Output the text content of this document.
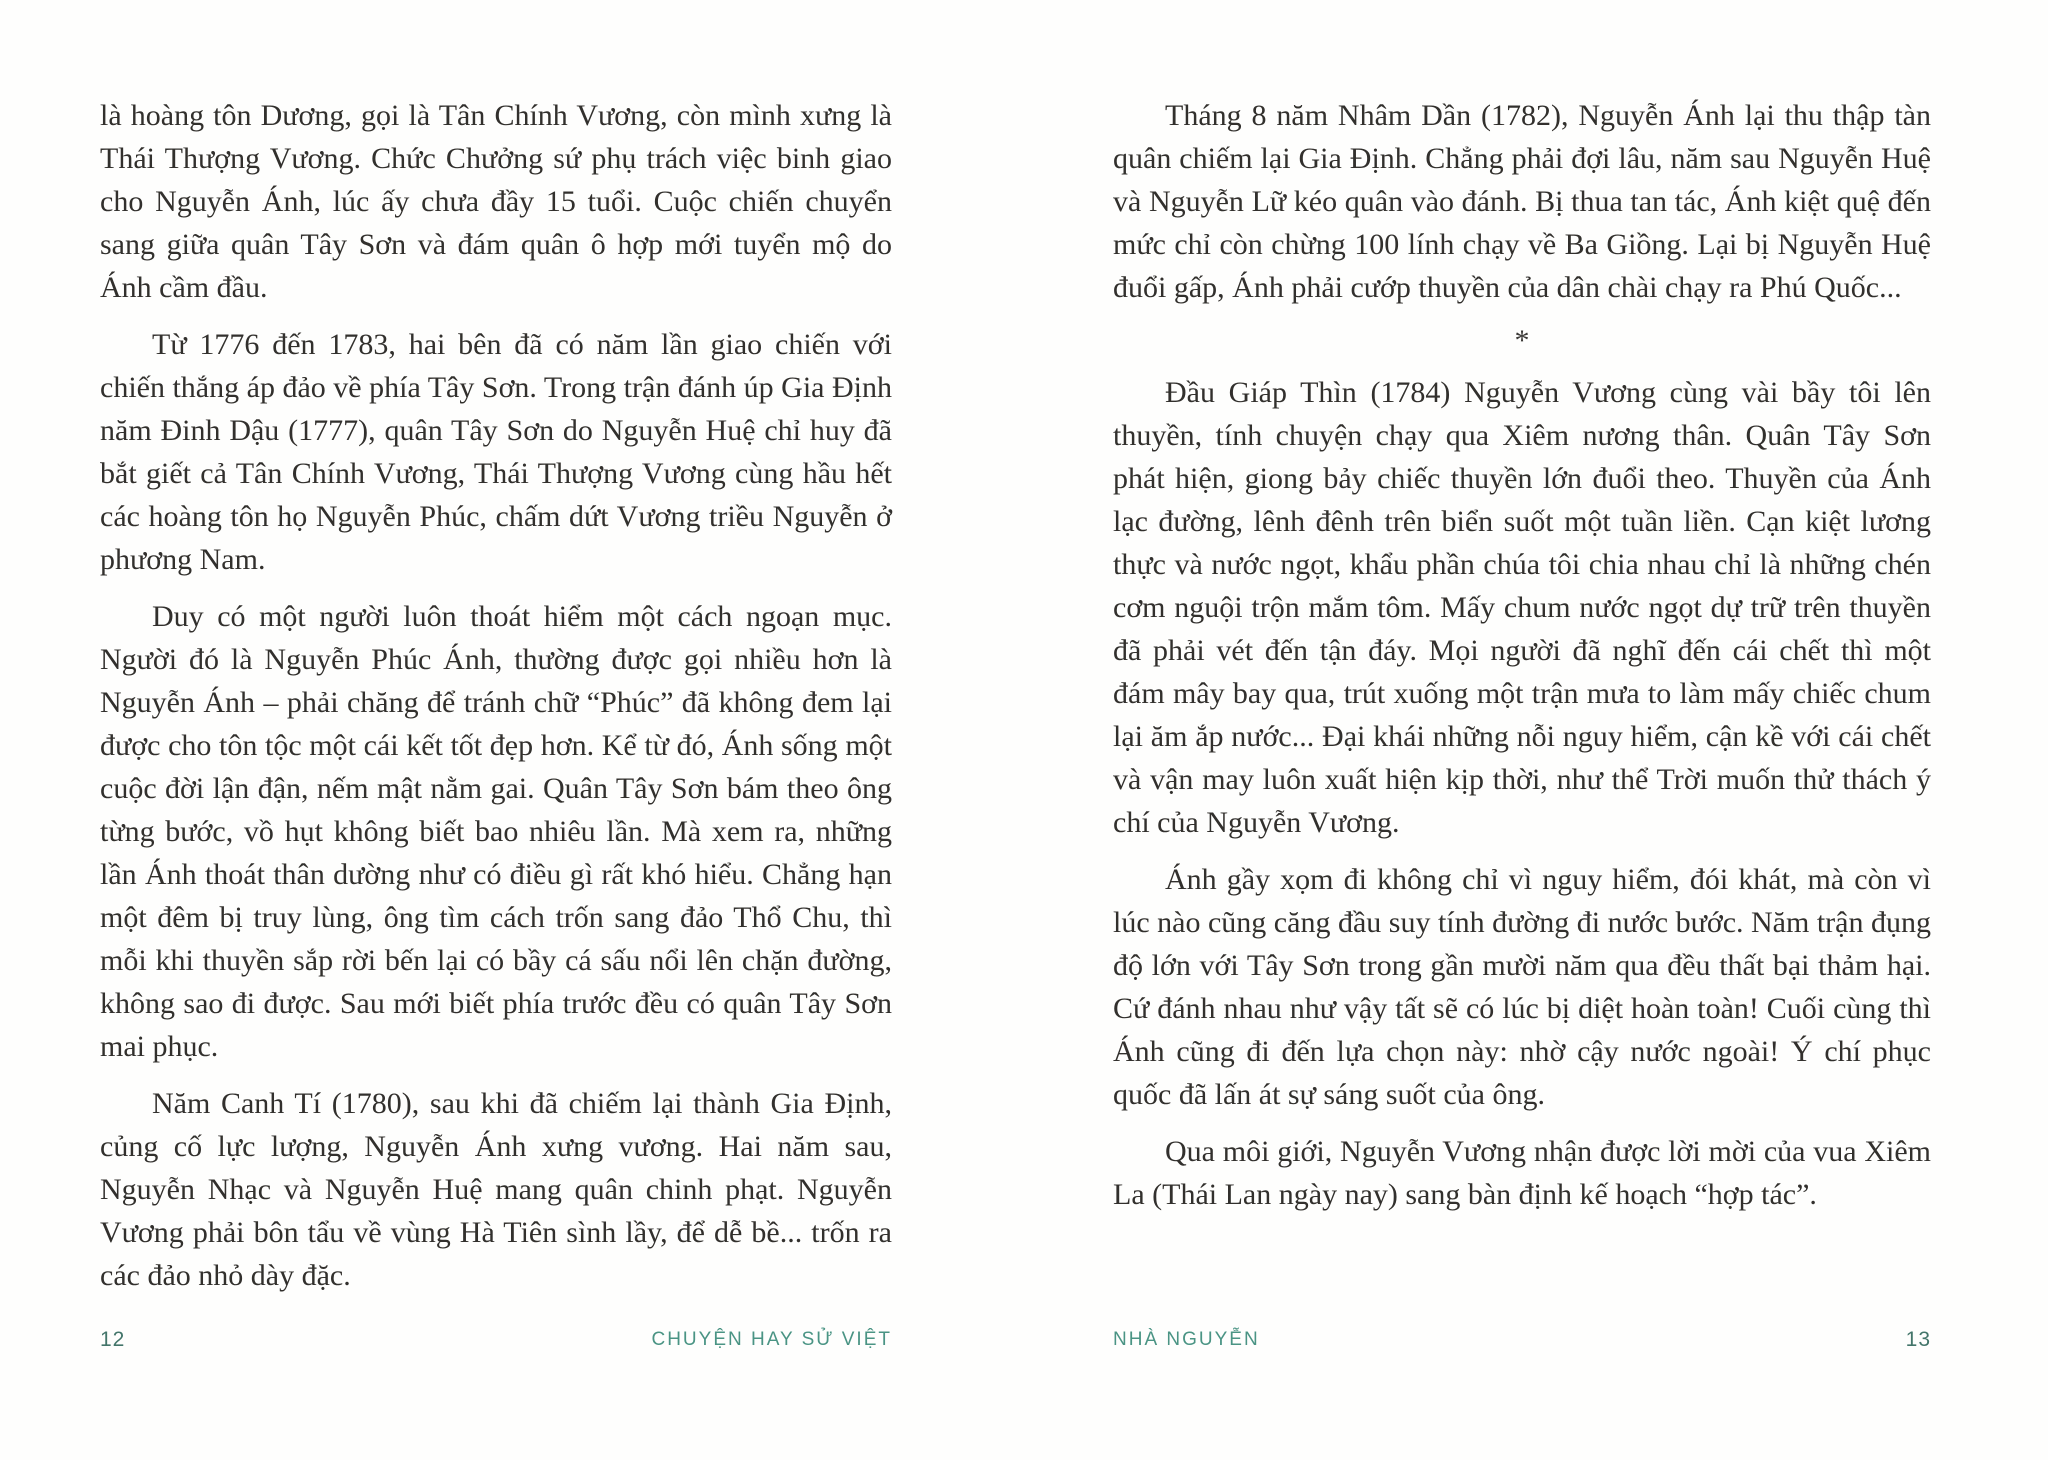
là hoàng tôn Dương, gọi là Tân Chính Vương, còn mình xưng là Thái Thượng Vương. Chức Chưởng sứ phụ trách việc binh giao cho Nguyễn Ánh, lúc ấy chưa đầy 15 tuổi. Cuộc chiến chuyển sang giữa quân Tây Sơn và đám quân ô hợp mới tuyển mộ do Ánh cầm đầu.

Từ 1776 đến 1783, hai bên đã có năm lần giao chiến với chiến thắng áp đảo về phía Tây Sơn. Trong trận đánh úp Gia Định năm Đinh Dậu (1777), quân Tây Sơn do Nguyễn Huệ chỉ huy đã bắt giết cả Tân Chính Vương, Thái Thượng Vương cùng hầu hết các hoàng tôn họ Nguyễn Phúc, chấm dứt Vương triều Nguyễn ở phương Nam.

Duy có một người luôn thoát hiểm một cách ngoạn mục. Người đó là Nguyễn Phúc Ánh, thường được gọi nhiều hơn là Nguyễn Ánh – phải chăng để tránh chữ “Phúc” đã không đem lại được cho tôn tộc một cái kết tốt đẹp hơn. Kể từ đó, Ánh sống một cuộc đời lận đận, nếm mật nằm gai. Quân Tây Sơn bám theo ông từng bước, vồ hụt không biết bao nhiêu lần. Mà xem ra, những lần Ánh thoát thân dường như có điều gì rất khó hiểu. Chẳng hạn một đêm bị truy lùng, ông tìm cách trốn sang đảo Thổ Chu, thì mỗi khi thuyền sắp rời bến lại có bầy cá sấu nổi lên chặn đường, không sao đi được. Sau mới biết phía trước đều có quân Tây Sơn mai phục.

Năm Canh Tí (1780), sau khi đã chiếm lại thành Gia Định, củng cố lực lượng, Nguyễn Ánh xưng vương. Hai năm sau, Nguyễn Nhạc và Nguyễn Huệ mang quân chinh phạt. Nguyễn Vương phải bôn tẩu về vùng Hà Tiên sình lầy, để dễ bề... trốn ra các đảo nhỏ dày đặc.

Tháng 8 năm Nhâm Dần (1782), Nguyễn Ánh lại thu thập tàn quân chiếm lại Gia Định. Chẳng phải đợi lâu, năm sau Nguyễn Huệ và Nguyễn Lữ kéo quân vào đánh. Bị thua tan tác, Ánh kiệt quệ đến mức chỉ còn chừng 100 lính chạy về Ba Giồng. Lại bị Nguyễn Huệ đuổi gấp, Ánh phải cướp thuyền của dân chài chạy ra Phú Quốc...

*

Đầu Giáp Thìn (1784) Nguyễn Vương cùng vài bầy tôi lên thuyền, tính chuyện chạy qua Xiêm nương thân. Quân Tây Sơn phát hiện, giong bảy chiếc thuyền lớn đuổi theo. Thuyền của Ánh lạc đường, lênh đênh trên biển suốt một tuần liền. Cạn kiệt lương thực và nước ngọt, khẩu phần chúa tôi chia nhau chỉ là những chén cơm nguội trộn mắm tôm. Mấy chum nước ngọt dự trữ trên thuyền đã phải vét đến tận đáy. Mọi người đã nghĩ đến cái chết thì một đám mây bay qua, trút xuống một trận mưa to làm mấy chiếc chum lại ăm ắp nước... Đại khái những nỗi nguy hiểm, cận kề với cái chết và vận may luôn xuất hiện kịp thời, như thể Trời muốn thử thách ý chí của Nguyễn Vương.

Ánh gầy xọm đi không chỉ vì nguy hiểm, đói khát, mà còn vì lúc nào cũng căng đầu suy tính đường đi nước bước. Năm trận đụng độ lớn với Tây Sơn trong gần mười năm qua đều thất bại thảm hại. Cứ đánh nhau như vậy tất sẽ có lúc bị diệt hoàn toàn! Cuối cùng thì Ánh cũng đi đến lựa chọn này: nhờ cậy nước ngoài! Ý chí phục quốc đã lấn át sự sáng suốt của ông.

Qua môi giới, Nguyễn Vương nhận được lời mời của vua Xiêm La (Thái Lan ngày nay) sang bàn định kế hoạch “hợp tác”.

12	CHUYỆN HAY SỬ VIỆT	NHÀ NGUYỄN	13
